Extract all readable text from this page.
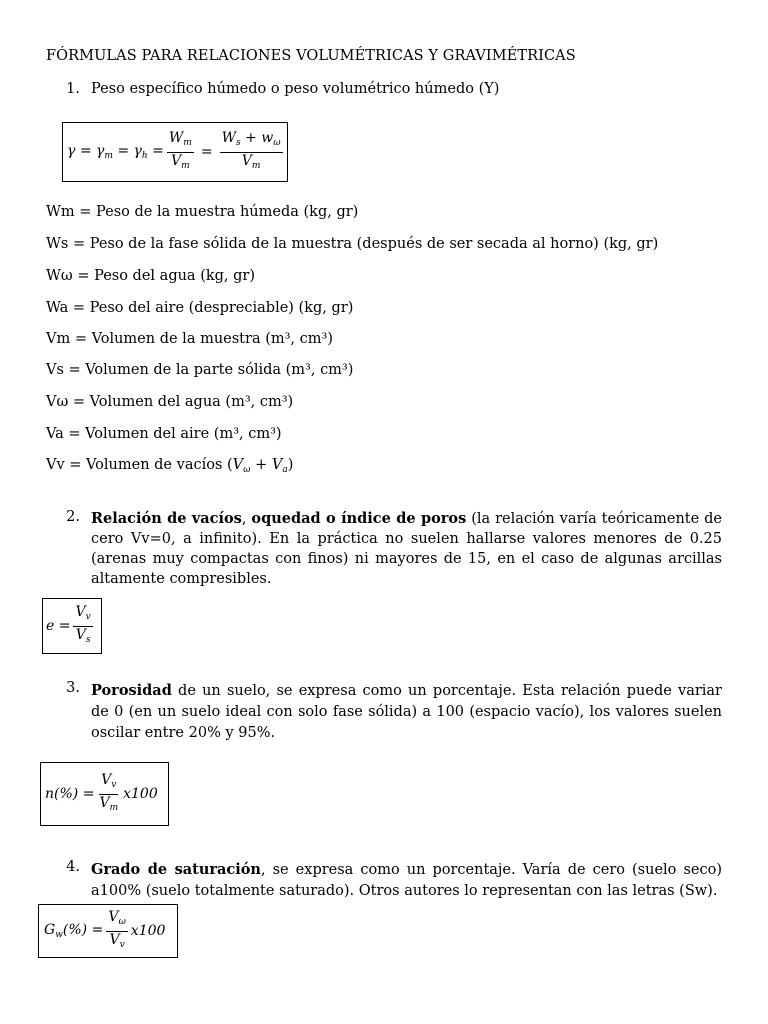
FÓRMULAS PARA RELACIONES VOLUMÉTRICAS Y GRAVIMÉTRICAS
1. Peso específico húmedo o peso volumétrico húmedo (Υ)
$\gamma = \gamma_m = \gamma_h = \frac{W_m}{V_m} = \frac{W_s + w_\omega}{V_m}$
Wm = Peso de la muestra húmeda (kg, gr)
Ws = Peso de la fase sólida de la muestra (después de ser secada al horno) (kg, gr)
Wω = Peso del agua (kg, gr)
Wa = Peso del aire (despreciable) (kg, gr)
Vm = Volumen de la muestra (m³, cm³)
Vs = Volumen de la parte sólida (m³, cm³)
Vω = Volumen del agua (m³, cm³)
Va = Volumen del aire (m³, cm³)
Vv = Volumen de vacíos $(V_\omega + V_a)$
2. Relación de vacíos, oquedad o índice de poros (la relación varía teóricamente de cero Vv=0, a infinito). En la práctica no suelen hallarse valores menores de 0.25 (arenas muy compactas con finos) ni mayores de 15, en el caso de algunas arcillas altamente compresibles.
$e = \frac{V_v}{V_s}$
3. Porosidad de un suelo, se expresa como un porcentaje. Esta relación puede variar de 0 (en un suelo ideal con solo fase sólida) a 100 (espacio vacío), los valores suelen oscilar entre 20% y 95%.
$n(\%) = \frac{V_v}{V_m} x100$
4. Grado de saturación, se expresa como un porcentaje. Varía de cero (suelo seco) a100% (suelo totalmente saturado). Otros autores lo representan con las letras (Sw).
$G_w(\%) = \frac{V_\omega}{V_v} x100$
